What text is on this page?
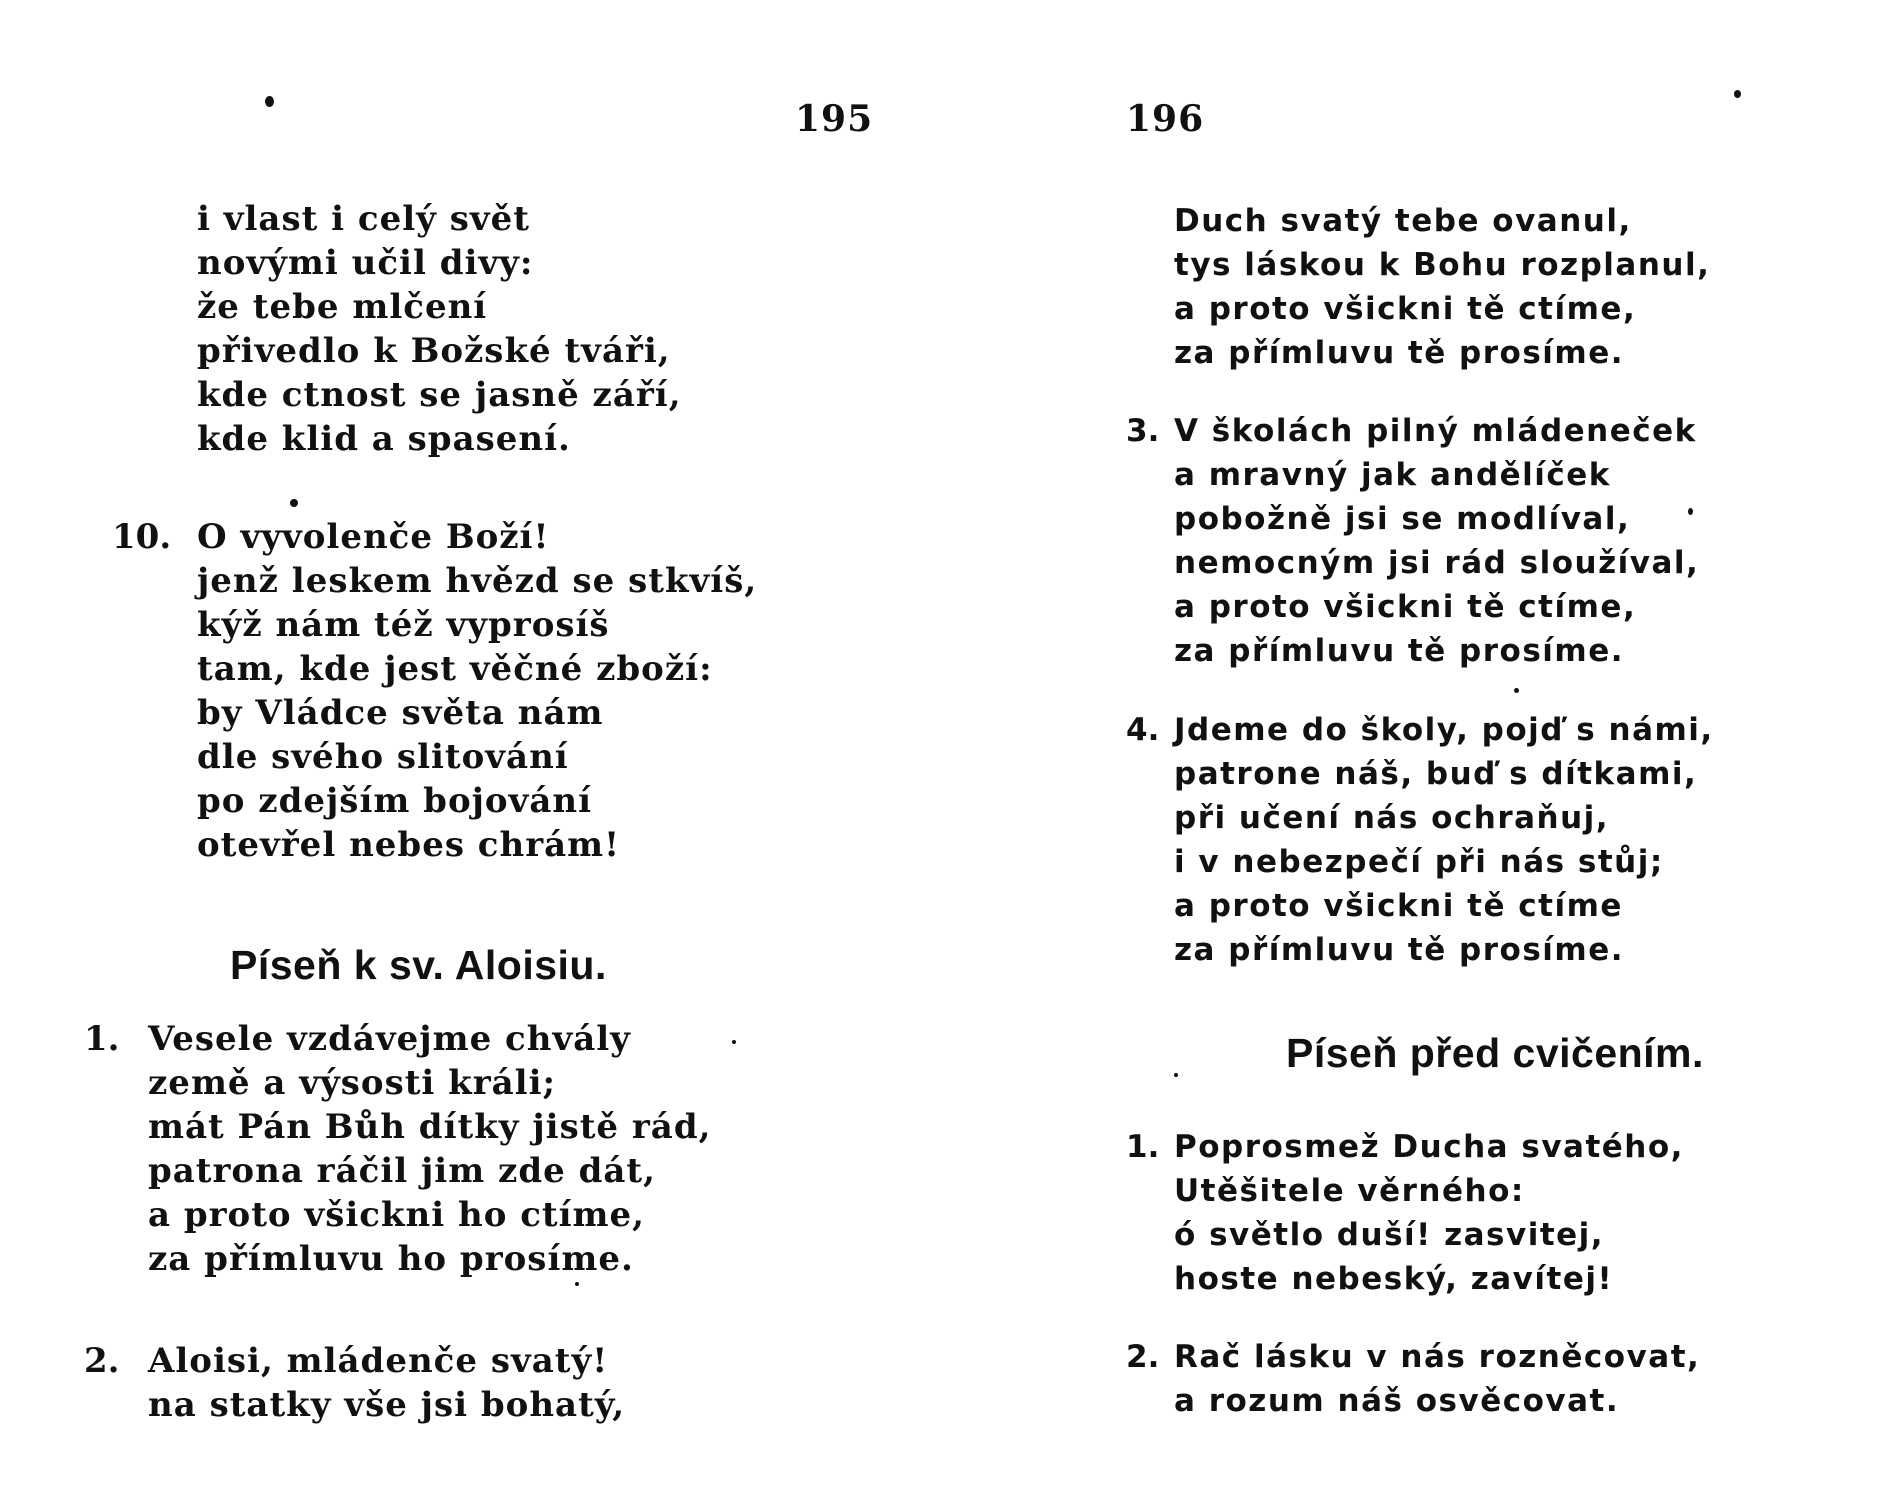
195
i vlast i celý svět
novými učil divy:
že tebe mlčení
přivedlo k Božské tváři,
kde ctnost se jasně září,
kde klid a spasení.
10. O vyvolenče Boží!
jenž leskem hvězd se stkvíš,
kýž nám též vyprosíš
tam, kde jest věčné zboží:
by Vládce světa nám
dle svého slitování
po zdejším bojování
otevřel nebes chrám!
Píseň k sv. Aloisiu.
1. Vesele vzdávejme chvály
země a výsosti králi;
mát Pán Bůh dítky jistě rád,
patrona ráčil jim zde dát,
a proto všickni ho ctíme,
za přímluvu ho prosíme.
2. Aloisi, mládenče svatý!
na statky vše jsi bohatý,
196
Duch svatý tebe ovanul,
tys láskou k Bohu rozplanul,
a proto všickni tě ctíme,
za přímluvu tě prosíme.
3. V školách pilný mládeneček
a mravný jak andělíček
pobožně jsi se modlíval,
nemocným jsi rád sloužíval,
a proto všickni tě ctíme,
za přímluvu tě prosíme.
4. Jdeme do školy, pojď s námi,
patrone náš, buď s dítkami,
při učení nás ochraňuj,
i v nebezpečí při nás stůj;
a proto všickni tě ctíme
za přímluvu tě prosíme.
Píseň před cvičením.
1. Poprosmež Ducha svatého,
Utěšitele věrného:
ó světlo duší! zasvitej,
hoste nebeský, zavítej!
2. Rač lásku v nás rozněcovat,
a rozum náš osvěcovat.
